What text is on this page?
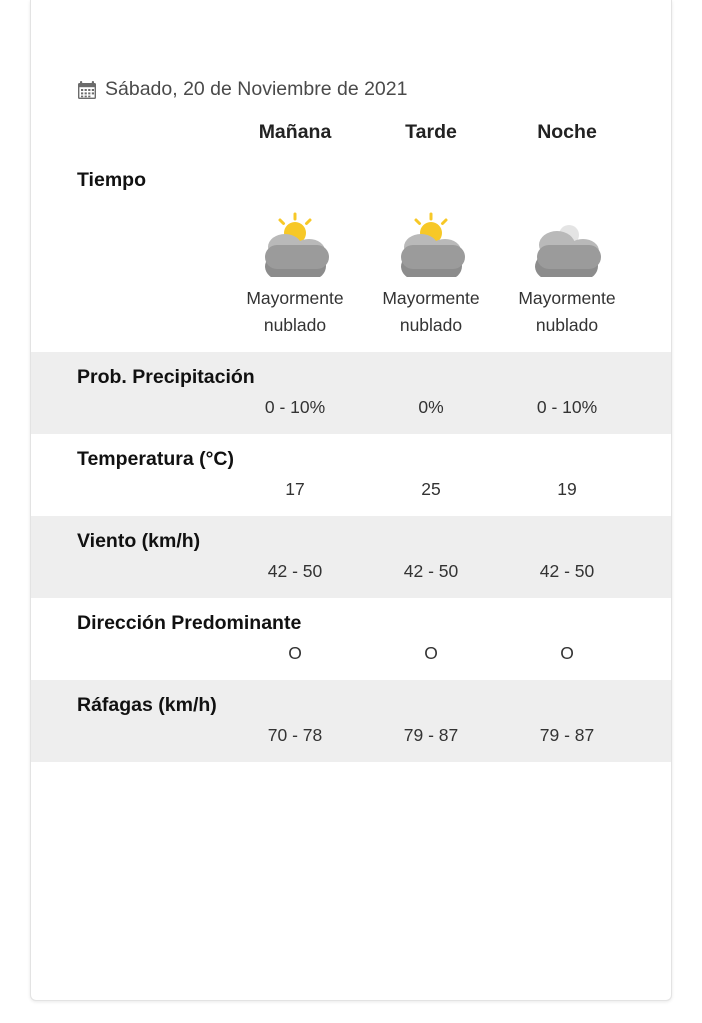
Sábado, 20 de Noviembre de 2021
	Mañana	Tarde	Noche	
Tiempo				

	Mayormente nublado	Mayormente nublado	Mayormente nublado	

Prob. Precipitación
0 - 10%	0%	0 - 10%
Temperatura (°C)
17	25	19
Viento (km/h)
42 - 50	42 - 50	42 - 50
Dirección Predominante
O	O	O
Ráfagas (km/h)
70 - 78	79 - 87	79 - 87
